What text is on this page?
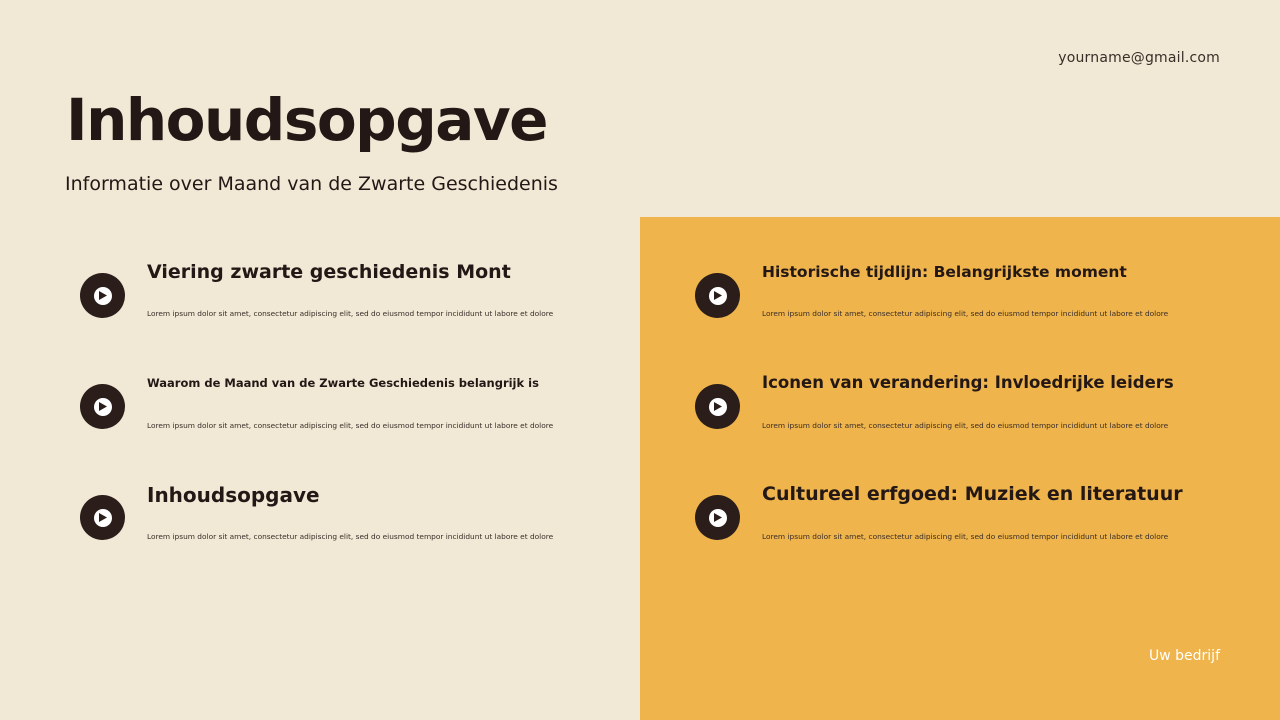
yourname@gmail.com
Inhoudsopgave
Informatie over Maand van de Zwarte Geschiedenis
Viering zwarte geschiedenis Mont
Lorem ipsum dolor sit amet, consectetur adipiscing elit, sed do eiusmod tempor incididunt ut labore et dolore
Waarom de Maand van de Zwarte Geschiedenis belangrijk is
Lorem ipsum dolor sit amet, consectetur adipiscing elit, sed do eiusmod tempor incididunt ut labore et dolore
Inhoudsopgave
Lorem ipsum dolor sit amet, consectetur adipiscing elit, sed do eiusmod tempor incididunt ut labore et dolore
Historische tijdlijn: Belangrijkste moment
Lorem ipsum dolor sit amet, consectetur adipiscing elit, sed do eiusmod tempor incididunt ut labore et dolore
Iconen van verandering: Invloedrijke leiders
Lorem ipsum dolor sit amet, consectetur adipiscing elit, sed do eiusmod tempor incididunt ut labore et dolore
Cultureel erfgoed: Muziek en literatuur
Lorem ipsum dolor sit amet, consectetur adipiscing elit, sed do eiusmod tempor incididunt ut labore et dolore
Uw bedrijf
